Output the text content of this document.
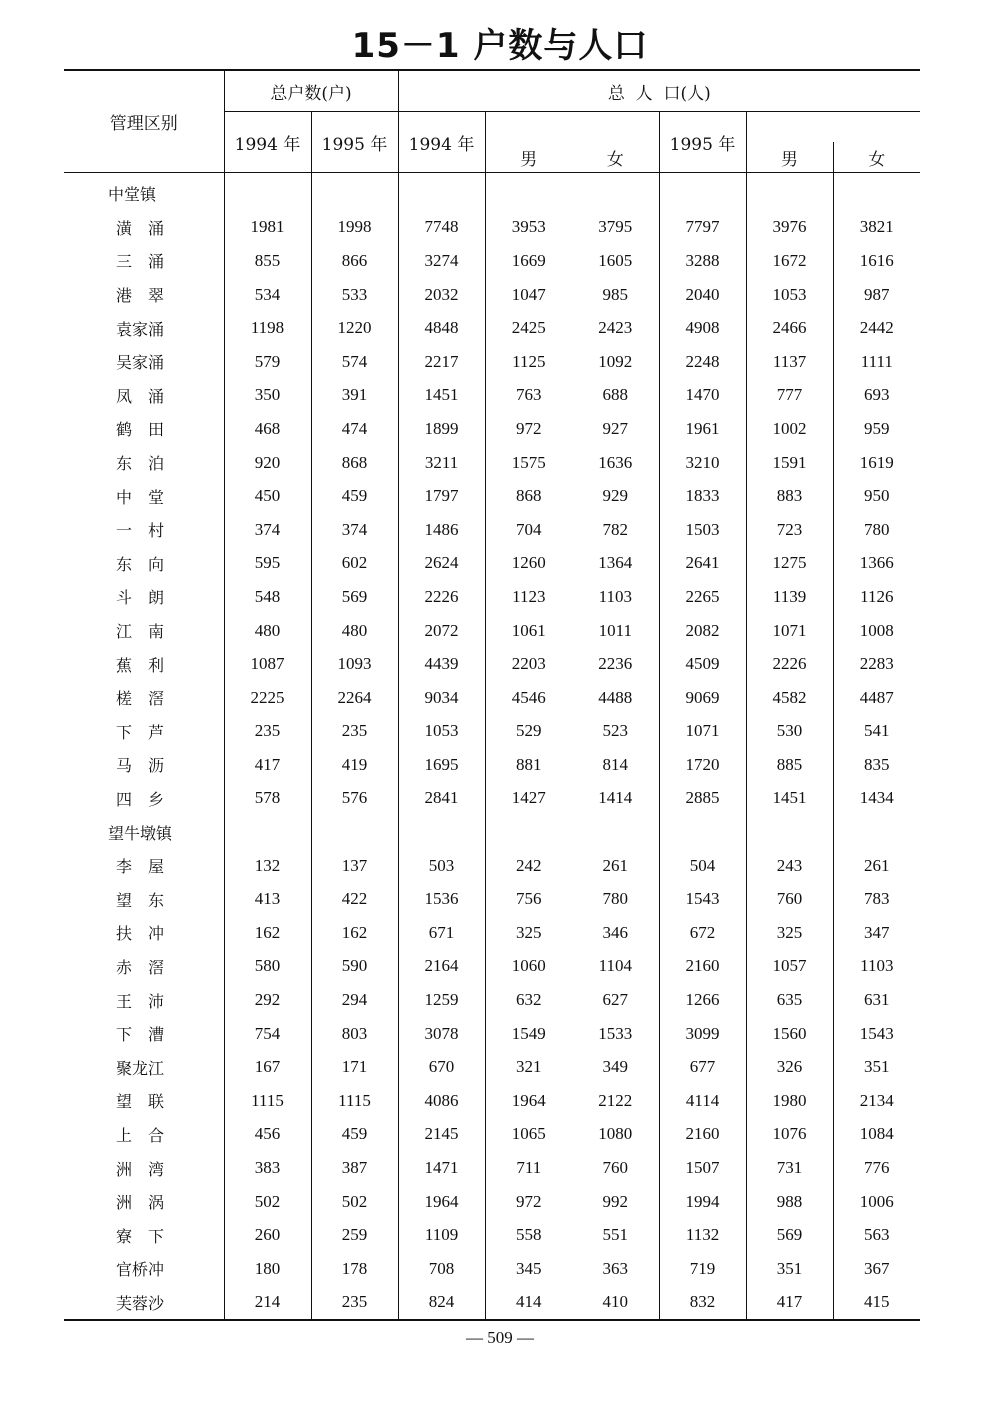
15－1 户数与人口
管理区别	总户数(户)		总  人  口(人)					
	1994 年	1995 年	1994 年			1995 年		
				男	女		男	女
中堂镇								
潢涌	1981	1998	7748	3953	3795	7797	3976	3821
三涌	855	866	3274	1669	1605	3288	1672	1616
港翠	534	533	2032	1047	985	2040	1053	987
袁家涌	1198	1220	4848	2425	2423	4908	2466	2442
吴家涌	579	574	2217	1125	1092	2248	1137	1111
凤涌	350	391	1451	763	688	1470	777	693
鹤田	468	474	1899	972	927	1961	1002	959
东泊	920	868	3211	1575	1636	3210	1591	1619
中堂	450	459	1797	868	929	1833	883	950
一村	374	374	1486	704	782	1503	723	780
东向	595	602	2624	1260	1364	2641	1275	1366
斗朗	548	569	2226	1123	1103	2265	1139	1126
江南	480	480	2072	1061	1011	2082	1071	1008
蕉利	1087	1093	4439	2203	2236	4509	2226	2283
槎滘	2225	2264	9034	4546	4488	9069	4582	4487
下芦	235	235	1053	529	523	1071	530	541
马沥	417	419	1695	881	814	1720	885	835
四乡	578	576	2841	1427	1414	2885	1451	1434
望牛墩镇								
李屋	132	137	503	242	261	504	243	261
望东	413	422	1536	756	780	1543	760	783
扶冲	162	162	671	325	346	672	325	347
赤滘	580	590	2164	1060	1104	2160	1057	1103
王沛	292	294	1259	632	627	1266	635	631
下漕	754	803	3078	1549	1533	3099	1560	1543
聚龙江	167	171	670	321	349	677	326	351
望联	1115	1115	4086	1964	2122	4114	1980	2134
上合	456	459	2145	1065	1080	2160	1076	1084
洲湾	383	387	1471	711	760	1507	731	776
洲涡	502	502	1964	972	992	1994	988	1006
寮下	260	259	1109	558	551	1132	569	563
官桥冲	180	178	708	345	363	719	351	367
芙蓉沙	214	235	824	414	410	832	417	415
— 509 —
